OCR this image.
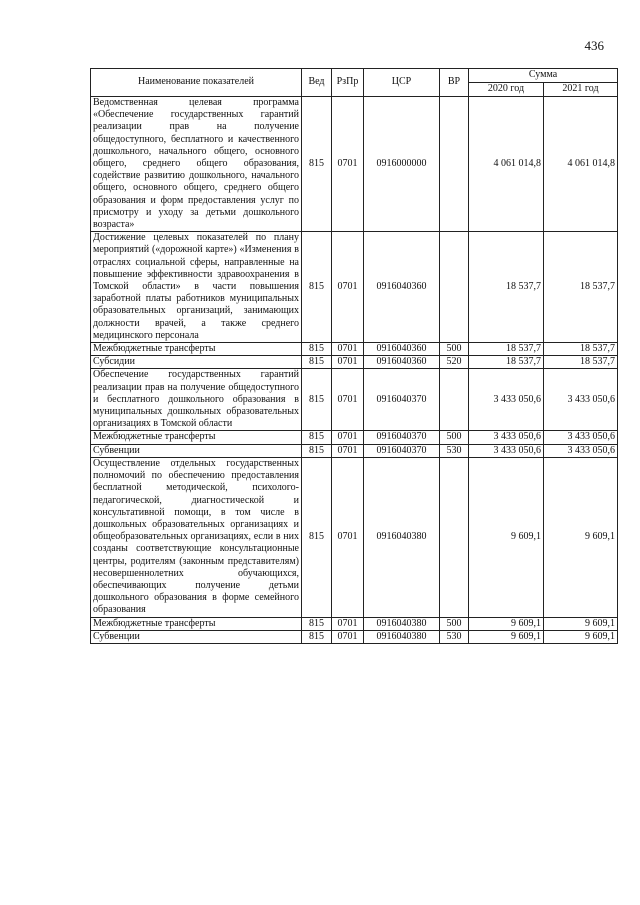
436
Наименование показателей	Вед	РзПр	ЦСР	ВР	Сумма	
					2020 год	2021 год
Ведомственная целевая программа «Обеспечение государственных гарантий реализации прав на получение общедоступного, бесплатного и качественного дошкольного, начального общего, основного общего, среднего общего образования, содействие развитию дошкольного, начального общего, основного общего, среднего общего образования и форм предоставления услуг по присмотру и уходу за детьми дошкольного возраста»	815	0701	0916000000		4 061 014,8	4 061 014,8
Достижение целевых показателей по плану мероприятий («дорожной карте») «Изменения в отраслях социальной сферы, направленные на повышение эффективности здравоохранения в Томской области» в части повышения заработной платы работников муниципальных образовательных организаций, занимающих должности врачей, а также среднего медицинского персонала	815	0701	0916040360		18 537,7	18 537,7
Межбюджетные трансферты	815	0701	0916040360	500	18 537,7	18 537,7
Субсидии	815	0701	0916040360	520	18 537,7	18 537,7
Обеспечение государственных гарантий реализации прав на получение общедоступного и бесплатного дошкольного образования в муниципальных дошкольных образовательных организациях в Томской области	815	0701	0916040370		3 433 050,6	3 433 050,6
Межбюджетные трансферты	815	0701	0916040370	500	3 433 050,6	3 433 050,6
Субвенции	815	0701	0916040370	530	3 433 050,6	3 433 050,6
Осуществление отдельных государственных полномочий по обеспечению предоставления бесплатной методической, психолого-педагогической, диагностической и консультативной помощи, в том числе в дошкольных образовательных организациях и общеобразовательных организациях, если в них созданы соответствующие консультационные центры, родителям (законным представителям) несовершеннолетних обучающихся, обеспечивающих получение детьми дошкольного образования в форме семейного образования	815	0701	0916040380		9 609,1	9 609,1
Межбюджетные трансферты	815	0701	0916040380	500	9 609,1	9 609,1
Субвенции	815	0701	0916040380	530	9 609,1	9 609,1
